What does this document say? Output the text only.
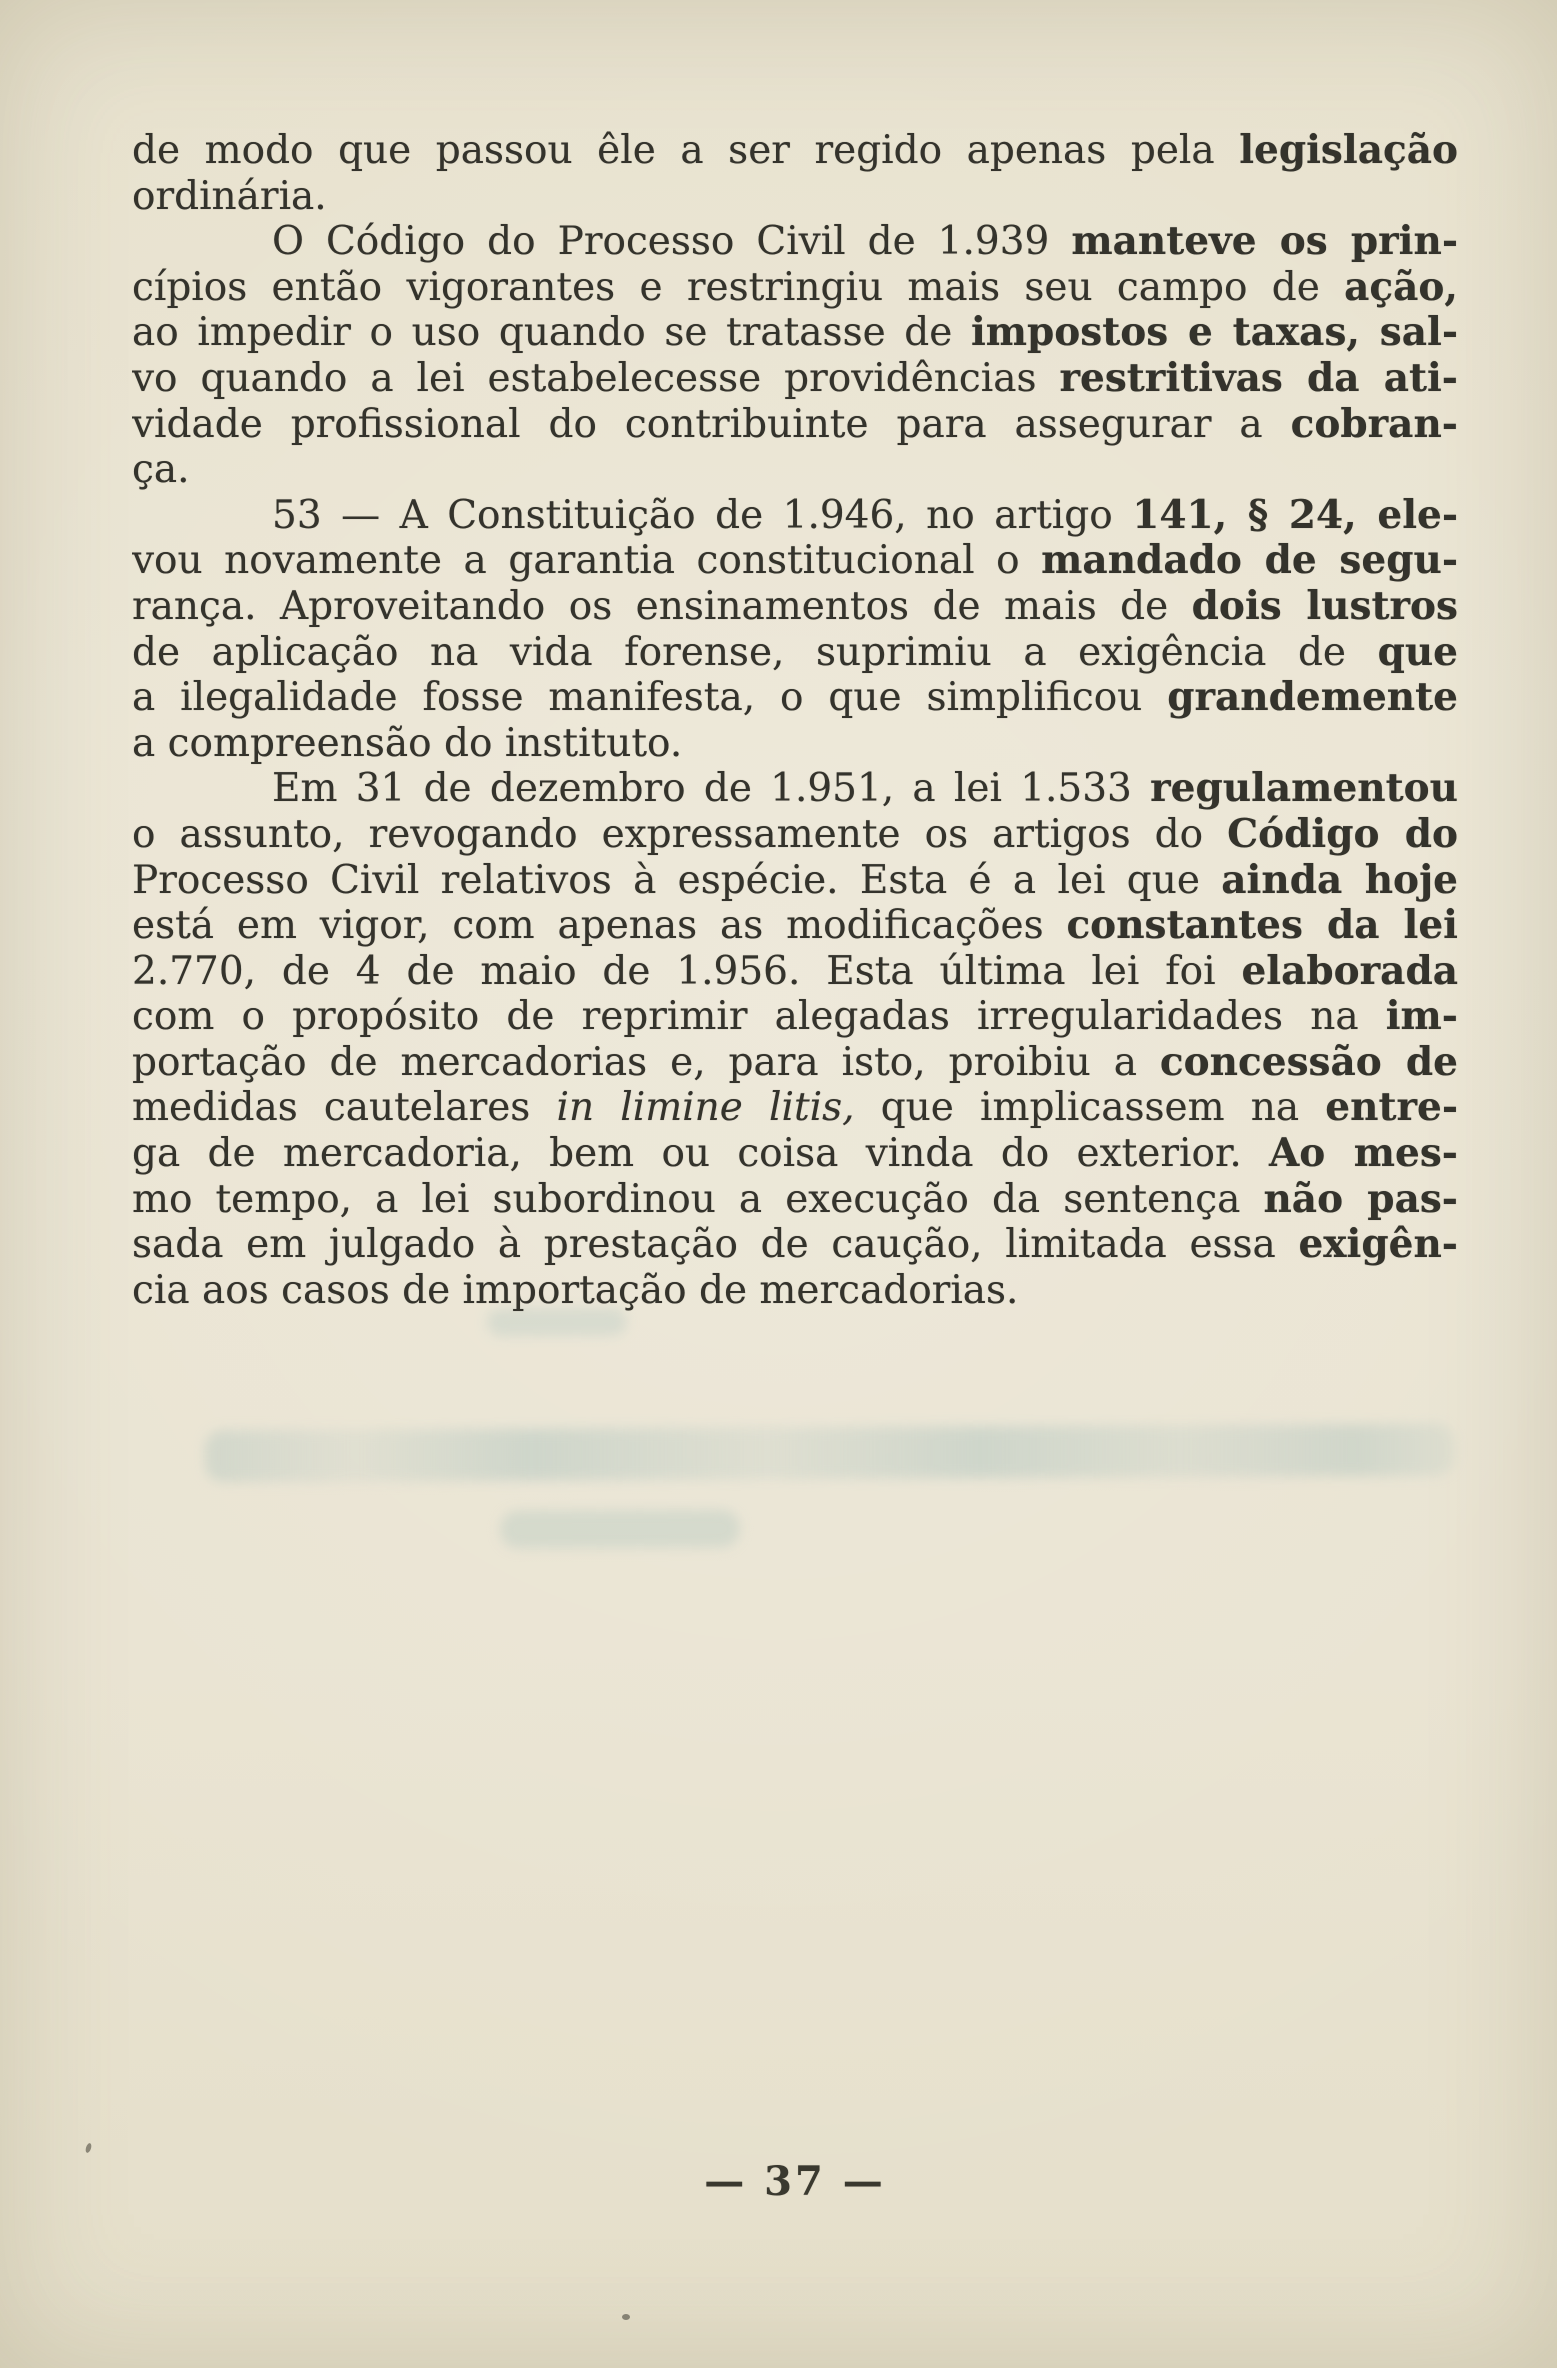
de modo que passou êle a ser regido apenas pela legislação
ordinária.
O Código do Processo Civil de 1.939 manteve os prin-
cípios então vigorantes e restringiu mais seu campo de ação,
ao impedir o uso quando se tratasse de impostos e taxas, sal-
vo quando a lei estabelecesse providências restritivas da ati-
vidade profissional do contribuinte para assegurar a cobran-
ça.
53 — A Constituição de 1.946, no artigo 141, § 24, ele-
vou novamente a garantia constitucional o mandado de segu-
rança. Aproveitando os ensinamentos de mais de dois lustros
de aplicação na vida forense, suprimiu a exigência de que
a ilegalidade fosse manifesta, o que simplificou grandemente
a compreensão do instituto.
Em 31 de dezembro de 1.951, a lei 1.533 regulamentou
o assunto, revogando expressamente os artigos do Código do
Processo Civil relativos à espécie. Esta é a lei que ainda hoje
está em vigor, com apenas as modificações constantes da lei
2.770, de 4 de maio de 1.956. Esta última lei foi elaborada
com o propósito de reprimir alegadas irregularidades na im-
portação de mercadorias e, para isto, proibiu a concessão de
medidas cautelares in limine litis, que implicassem na entre-
ga de mercadoria, bem ou coisa vinda do exterior. Ao mes-
mo tempo, a lei subordinou a execução da sentença não pas-
sada em julgado à prestação de caução, limitada essa exigên-
cia aos casos de importação de mercadorias.
— 37 —
